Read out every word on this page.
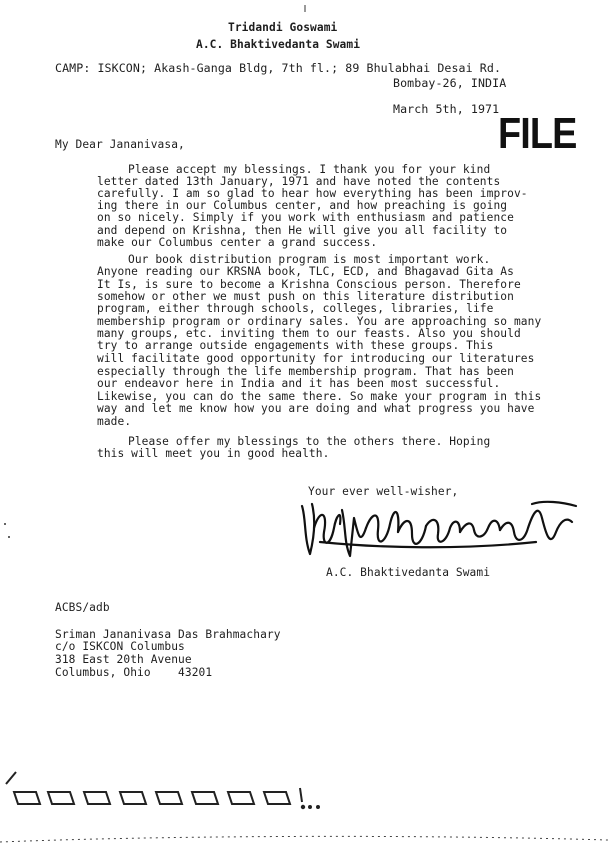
Tridandi Goswami
A.C. Bhaktivedanta Swami
CAMP: ISKCON; Akash-Ganga Bldg, 7th fl.; 89 Bhulabhai Desai Rd.
Bombay-26, INDIA
March 5th, 1971
FILE
My Dear Jananivasa,
Please accept my blessings. I thank you for your kind
letter dated 13th January, 1971 and have noted the contents
carefully. I am so glad to hear how everything has been improv-
ing there in our Columbus center, and how preaching is going
on so nicely. Simply if you work with enthusiasm and patience
and depend on Krishna, then He will give you all facility to
make our Columbus center a grand success.
Our book distribution program is most important work.
Anyone reading our KRSNA book, TLC, ECD, and Bhagavad Gita As
It Is, is sure to become a Krishna Conscious person. Therefore
somehow or other we must push on this literature distribution
program, either through schools, colleges, libraries, life
membership program or ordinary sales. You are approaching so many
many groups, etc. inviting them to our feasts. Also you should
try to arrange outside engagements with these groups. This
will facilitate good opportunity for introducing our literatures
especially through the life membership program. That has been
our endeavor here in India and it has been most successful.
Likewise, you can do the same there. So make your program in this
way and let me know how you are doing and what progress you have
made.
Please offer my blessings to the others there. Hoping
this will meet you in good health.
Your ever well-wisher,
A.C. Bhaktivedanta Swami
ACBS/adb
Sriman Jananivasa Das Brahmachary
c/o ISKCON Columbus
318 East 20th Avenue
Columbus, Ohio    43201
